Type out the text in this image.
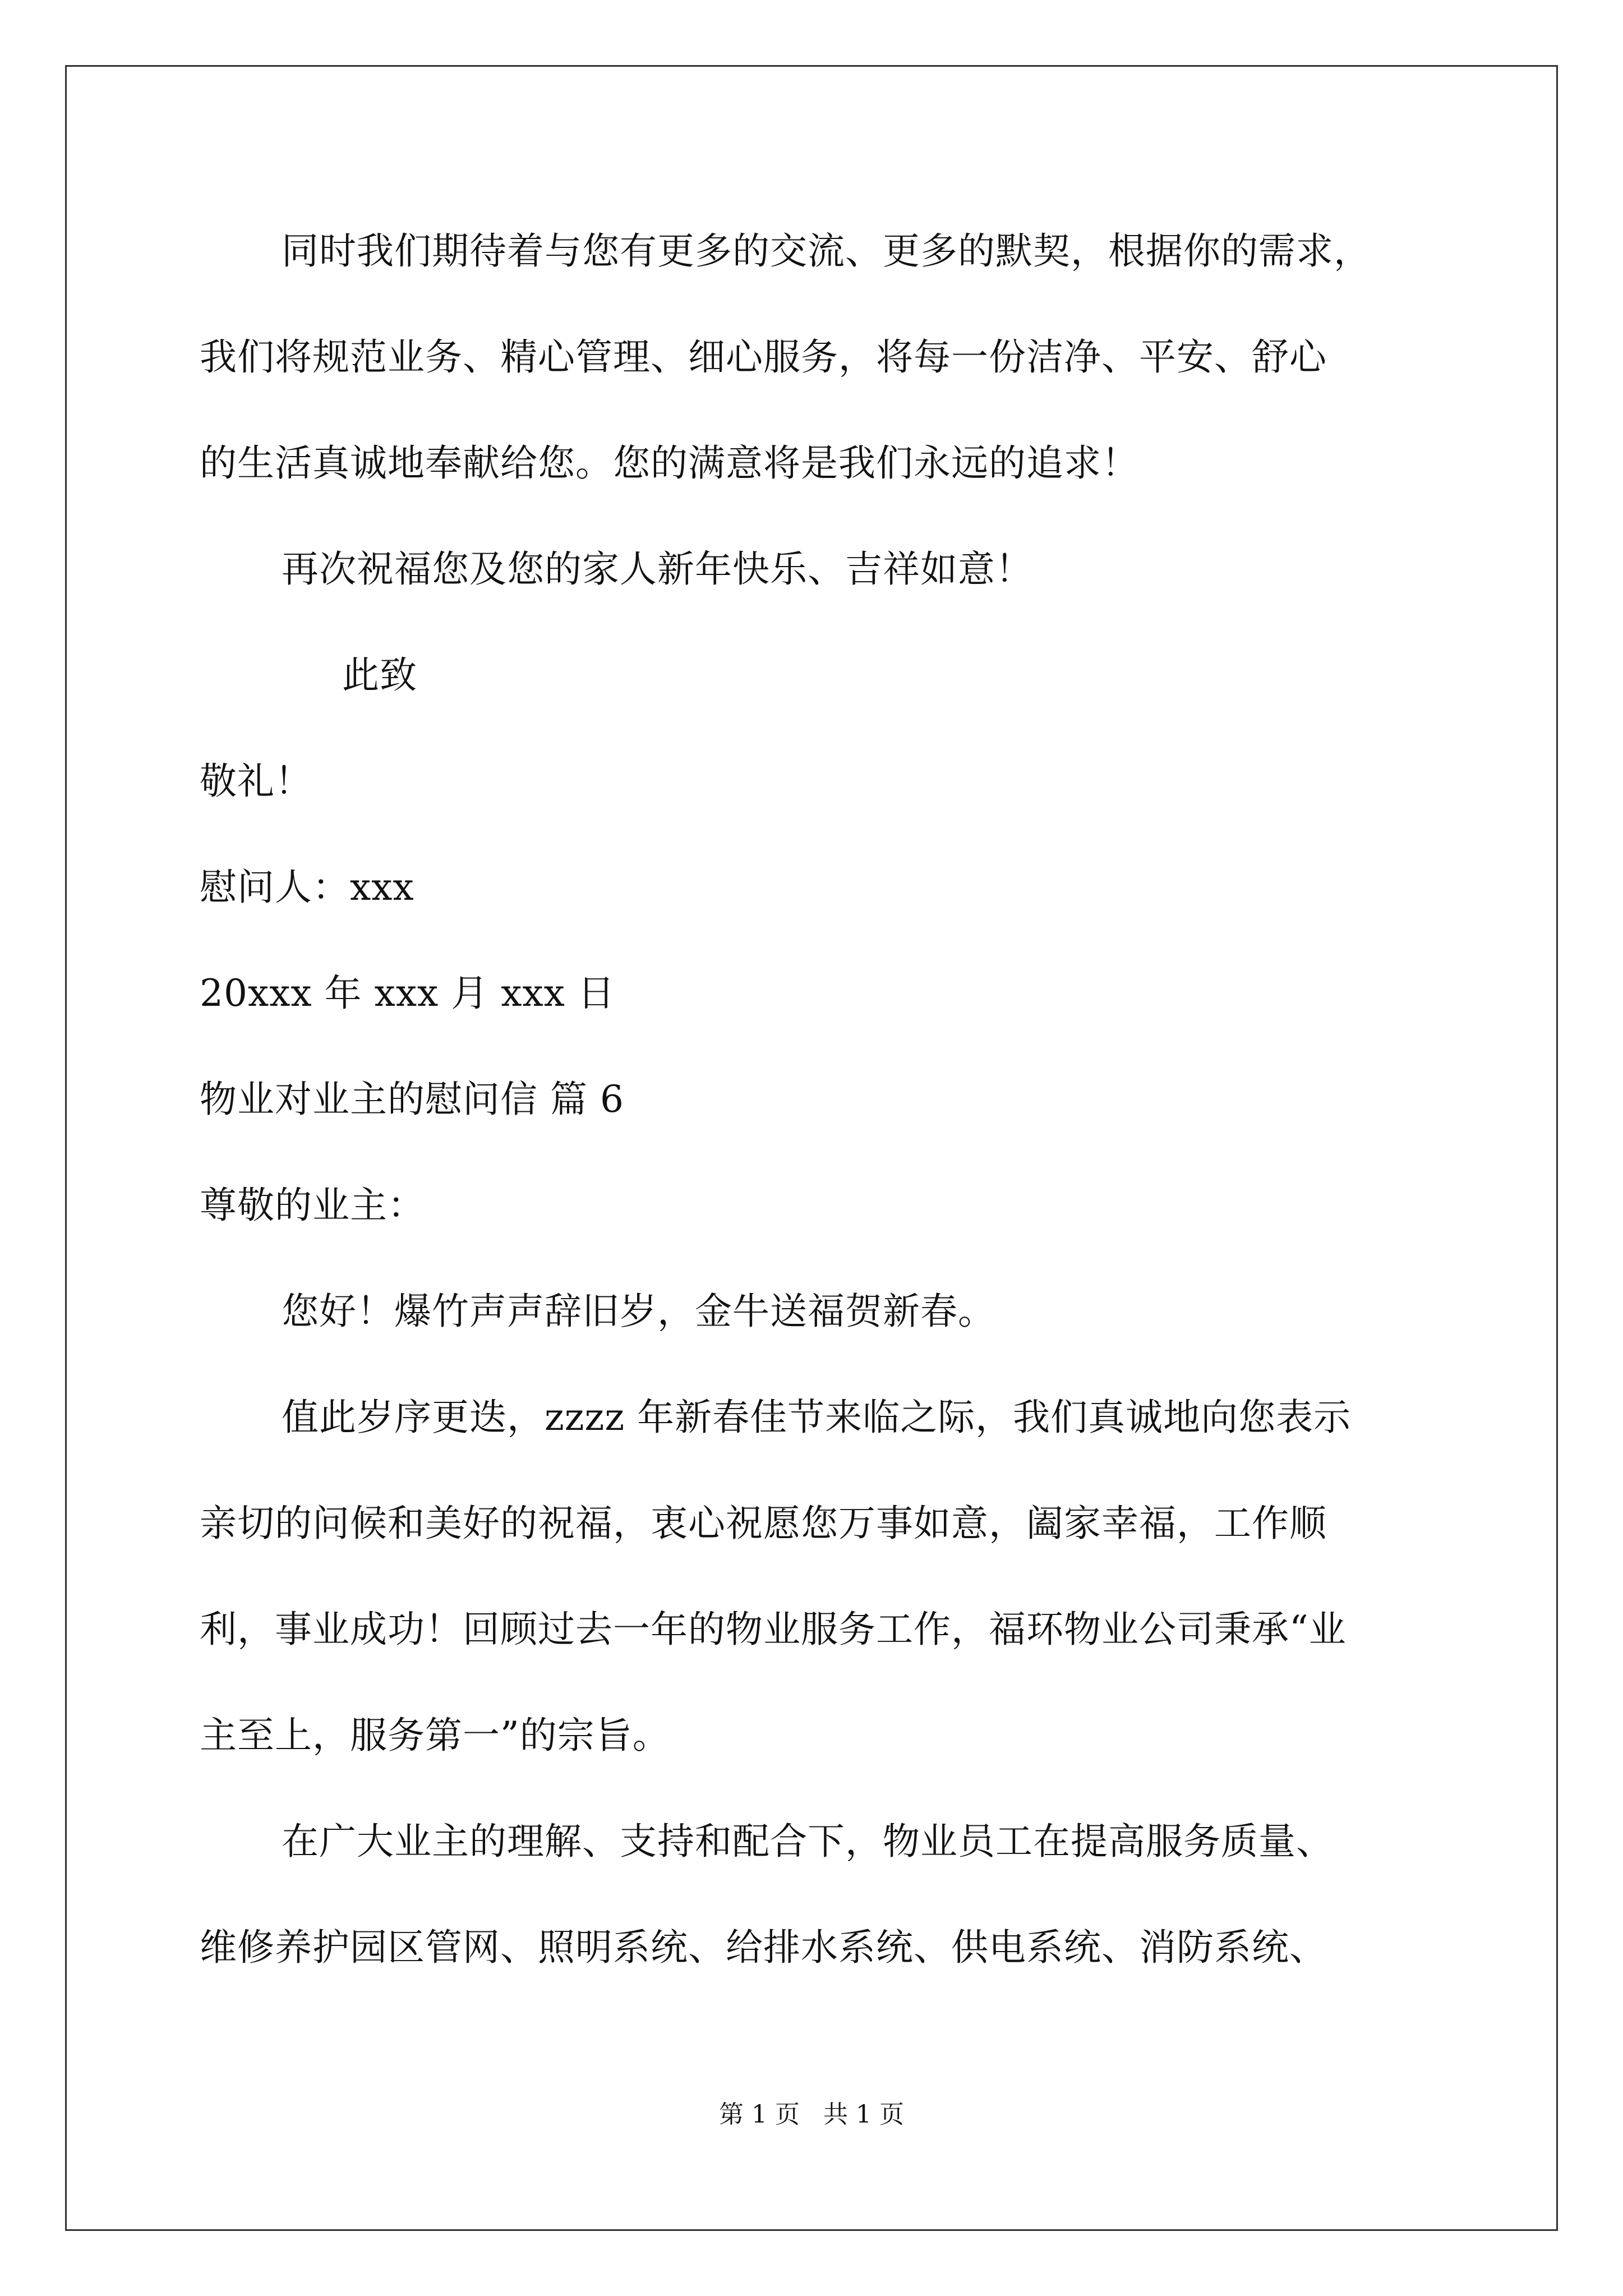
同时我们期待着与您有更多的交流、更多的默契，根据你的需求，
我们将规范业务、精心管理、细心服务，将每一份洁净、平安、舒心
的生活真诚地奉献给您。您的满意将是我们永远的追求！
再次祝福您及您的家人新年快乐、吉祥如意！
此致
敬礼！
慰问人：xxx
20xxx 年 xxx 月 xxx 日
物业对业主的慰问信 篇 6
尊敬的业主：
您好！爆竹声声辞旧岁，金牛送福贺新春。
值此岁序更迭，zzzz 年新春佳节来临之际，我们真诚地向您表示
亲切的问候和美好的祝福，衷心祝愿您万事如意，阖家幸福，工作顺
利，事业成功！回顾过去一年的物业服务工作，福环物业公司秉承“业
主至上，服务第一”的宗旨。
在广大业主的理解、支持和配合下，物业员工在提高服务质量、
维修养护园区管网、照明系统、给排水系统、供电系统、消防系统、
第 1 页   共 1 页
